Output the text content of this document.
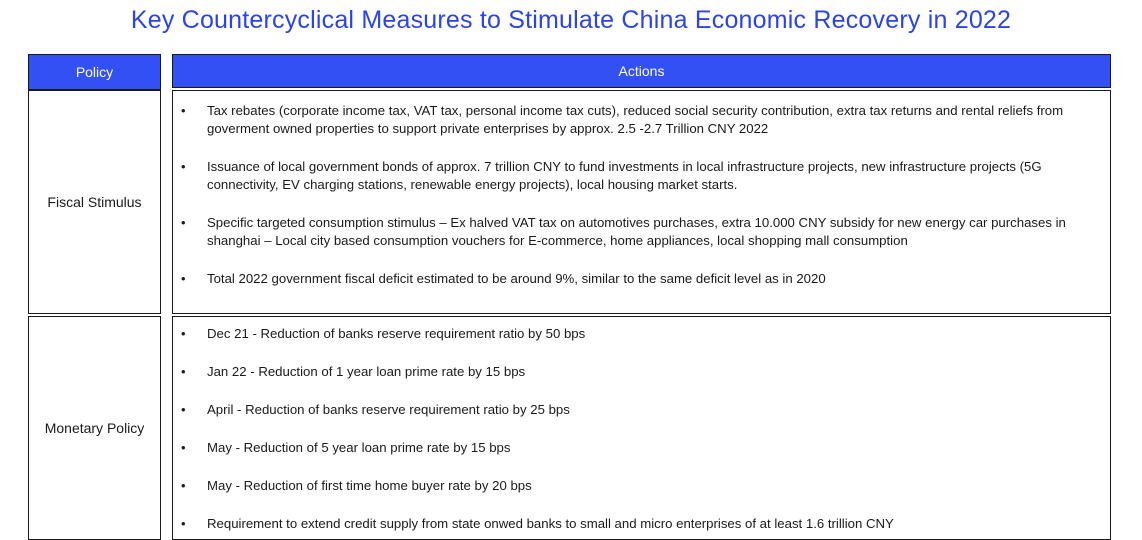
Key Countercyclical Measures to Stimulate China Economic Recovery in 2022
Policy	Actions
Fiscal Stimulus
• Tax rebates (corporate income tax, VAT tax, personal income tax cuts), reduced social security contribution, extra tax returns and rental reliefs from goverment owned properties to support private enterprises by approx. 2.5 -2.7 Trillion CNY 2022
• Issuance of local government bonds of approx. 7 trillion CNY to fund investments in local infrastructure projects, new infrastructure projects (5G connectivity, EV charging stations, renewable energy projects), local housing market starts.
• Specific targeted consumption stimulus – Ex halved VAT tax on automotives purchases, extra 10.000 CNY subsidy for new energy car purchases in shanghai – Local city based consumption vouchers for E-commerce, home appliances, local shopping mall consumption
• Total 2022 government fiscal deficit estimated to be around 9%, similar to the same deficit level as in 2020
Monetary Policy
• Dec 21 - Reduction of banks reserve requirement ratio by 50 bps
• Jan 22 - Reduction of 1 year loan prime rate by 15 bps
• April - Reduction of banks reserve requirement ratio by 25 bps
• May - Reduction of 5 year loan prime rate by 15 bps
• May - Reduction of first time home buyer rate by 20 bps
• Requirement to extend credit supply from state onwed banks to small and micro enterprises of at least 1.6 trillion CNY
